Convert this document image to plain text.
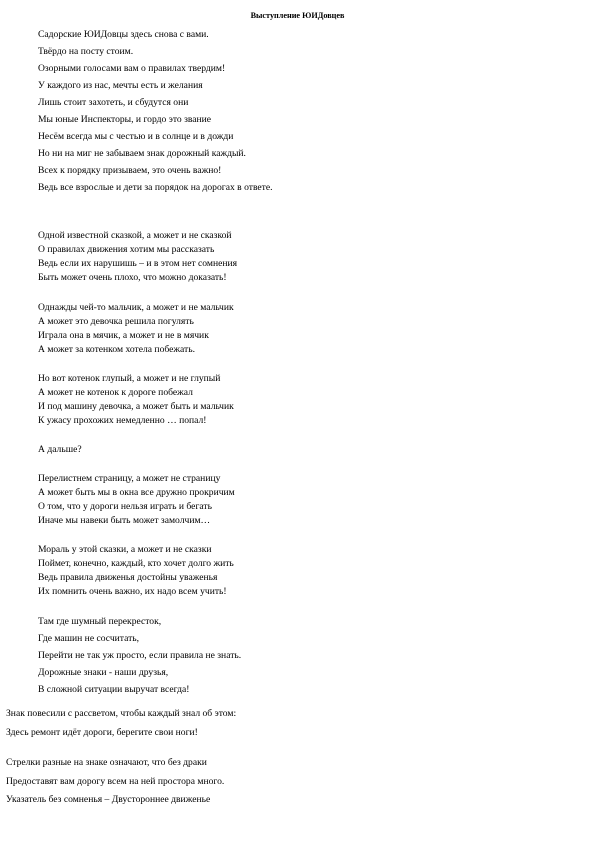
Выступление ЮИДовцев
Садорские ЮИДовцы здесь снова с вами.
Твёрдо на посту стоим.
Озорными голосами вам о правилах твердим!
У каждого из нас, мечты есть и желания
Лишь стоит захотеть, и сбудутся они
Мы юные Инспекторы, и гордо это звание
Несём всегда мы с честью и в солнце и в дожди
Но ни на миг не забываем знак дорожный каждый.
Всех к порядку призываем, это очень важно!
Ведь все взрослые и дети за порядок на дорогах в ответе.
Одной известной сказкой, а может и не сказкой
О правилах движения хотим мы рассказать
Ведь если их нарушишь – и в этом нет сомнения
Быть может очень плохо, что можно доказать!
Однажды чей-то мальчик, а может и не мальчик
А может это девочка решила погулять
Играла она в мячик, а может и не в мячик
А может за котенком хотела побежать.
Но вот котенок глупый, а может и не глупый
А может не котенок к дороге побежал
И под машину девочка, а может быть и мальчик
К ужасу прохожих немедленно … попал!
А дальше?
Перелистнем страницу, а может не страницу
А может быть мы в окна все дружно прокричим
О том, что у дороги нельзя играть и бегать
Иначе мы навеки быть может замолчим…
Мораль у этой сказки, а может и не сказки
Поймет, конечно, каждый, кто хочет долго жить
Ведь правила движенья достойны уваженья
Их помнить очень важно, их надо всем учить!
Там где шумный перекресток,
Где машин не сосчитать,
Перейти не так уж просто, если правила не знать.
Дорожные знаки - наши друзья,
В сложной ситуации выручат всегда!
Знак повесили с рассветом, чтобы каждый знал об этом:
Здесь ремонт идёт дороги, берегите свои ноги!
Стрелки разные на знаке означают, что без драки
Предоставят вам дорогу всем на ней простора много.
Указатель без сомненья – Двустороннее движенье
